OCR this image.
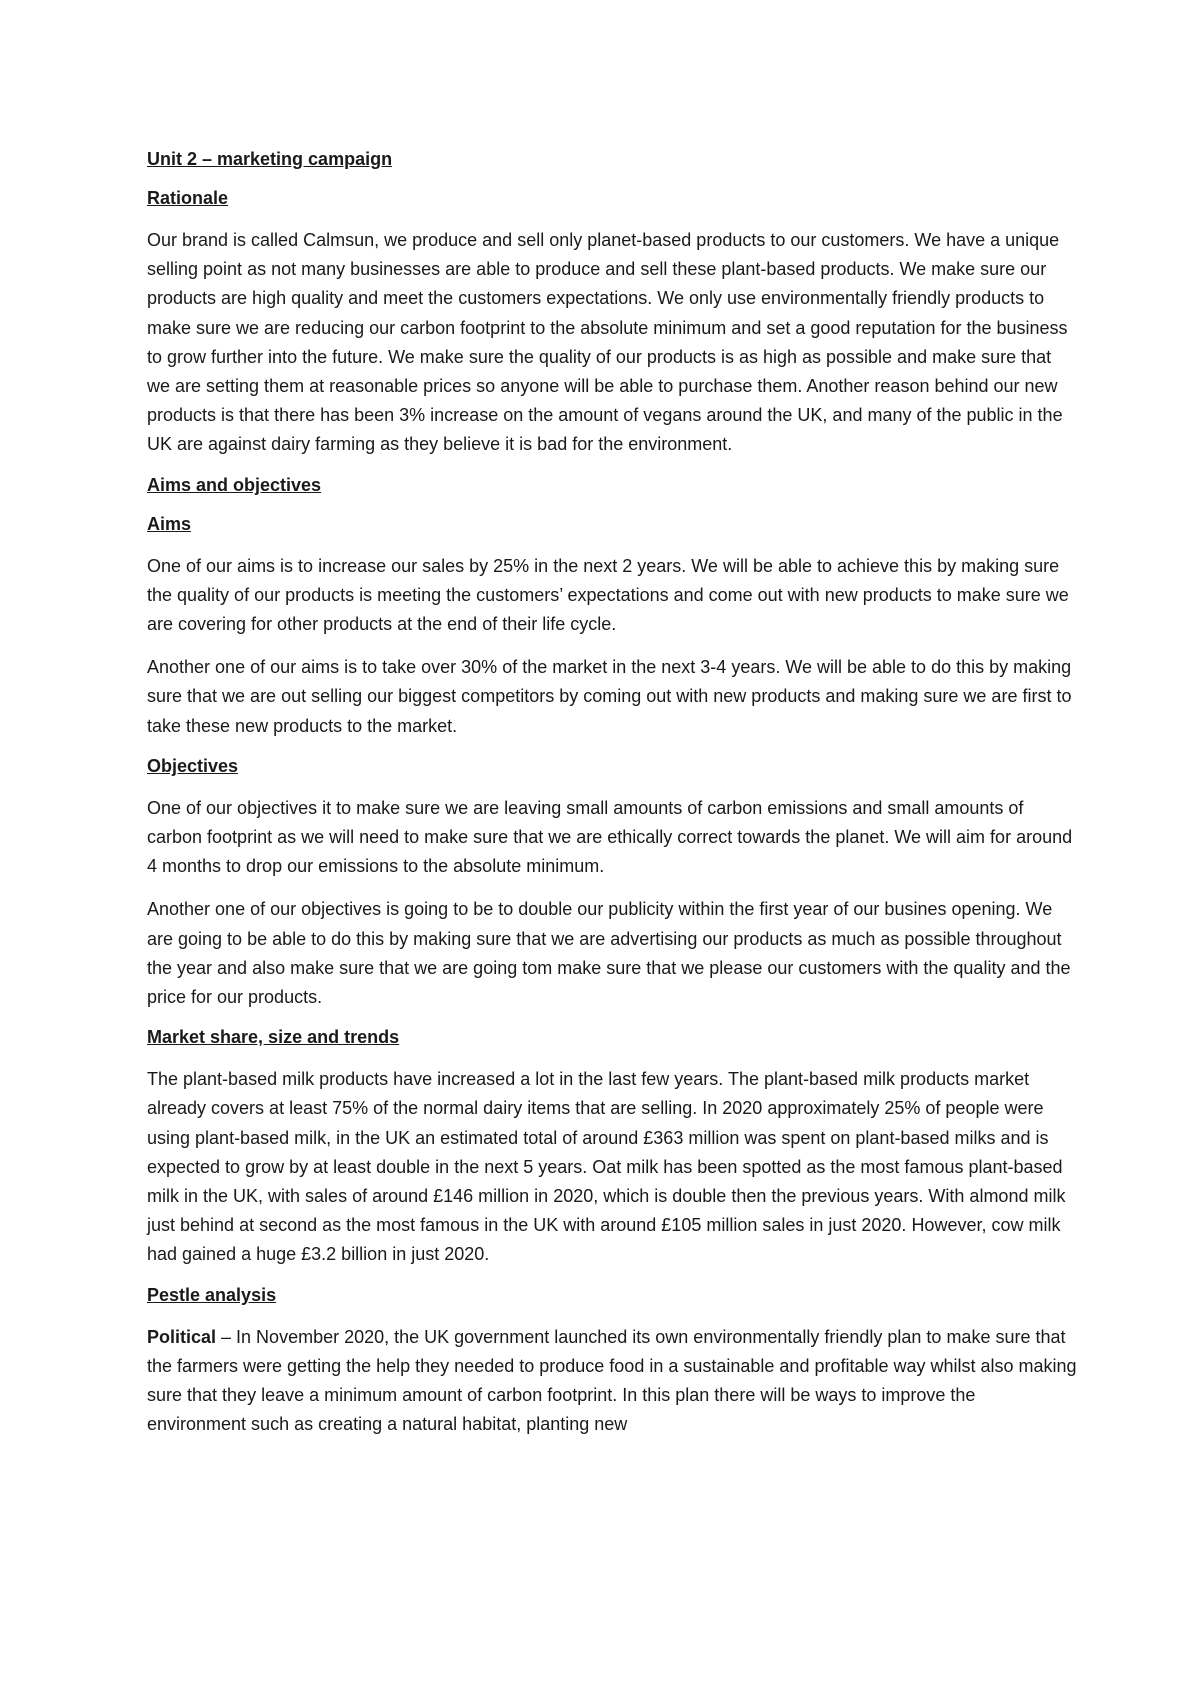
Unit 2 – marketing campaign
Rationale

Our brand is called Calmsun, we produce and sell only planet-based products to our customers. We have a unique selling point as not many businesses are able to produce and sell these plant-based products. We make sure our products are high quality and meet the customers expectations. We only use environmentally friendly products to make sure we are reducing our carbon footprint to the absolute minimum and set a good reputation for the business to grow further into the future. We make sure the quality of our products is as high as possible and make sure that we are setting them at reasonable prices so anyone will be able to purchase them. Another reason behind our new products is that there has been 3% increase on the amount of vegans around the UK, and many of the public in the UK are against dairy farming as they believe it is bad for the environment.

Aims and objectives
Aims

One of our aims is to increase our sales by 25% in the next 2 years. We will be able to achieve this by making sure the quality of our products is meeting the customers’ expectations and come out with new products to make sure we are covering for other products at the end of their life cycle.

Another one of our aims is to take over 30% of the market in the next 3-4 years. We will be able to do this by making sure that we are out selling our biggest competitors by coming out with new products and making sure we are first to take these new products to the market.

Objectives

One of our objectives it to make sure we are leaving small amounts of carbon emissions and small amounts of carbon footprint as we will need to make sure that we are ethically correct towards the planet. We will aim for around 4 months to drop our emissions to the absolute minimum.

Another one of our objectives is going to be to double our publicity within the first year of our busines opening. We are going to be able to do this by making sure that we are advertising our products as much as possible throughout the year and also make sure that we are going tom make sure that we please our customers with the quality and the price for our products.

Market share, size and trends

The plant-based milk products have increased a lot in the last few years. The plant-based milk products market already covers at least 75% of the normal dairy items that are selling. In 2020 approximately 25% of people were using plant-based milk, in the UK an estimated total of around £363 million was spent on plant-based milks and is expected to grow by at least double in the next 5 years. Oat milk has been spotted as the most famous plant-based milk in the UK, with sales of around £146 million in 2020, which is double then the previous years. With almond milk just behind at second as the most famous in the UK with around £105 million sales in just 2020. However, cow milk had gained a huge £3.2 billion in just 2020.

Pestle analysis

Political – In November 2020, the UK government launched its own environmentally friendly plan to make sure that the farmers were getting the help they needed to produce food in a sustainable and profitable way whilst also making sure that they leave a minimum amount of carbon footprint. In this plan there will be ways to improve the environment such as creating a natural habitat, planting new
